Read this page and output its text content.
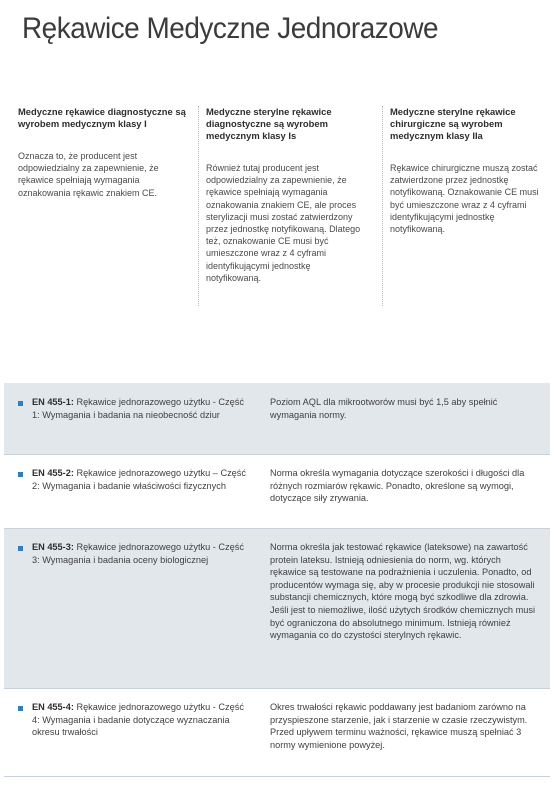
Rękawice Medyczne Jednorazowe
Medyczne rękawice diagnostyczne są wyrobem medycznym klasy I

Oznacza to, że producent jest odpowiedzialny za zapewnienie, że rękawice spełniają wymagania oznakowania rękawic znakiem CE.

Medyczne sterylne rękawice diagnostyczne są wyrobem medycznym klasy Is

Również tutaj producent jest odpowiedzialny za zapewnienie, że rękawice spełniają wymagania oznakowania znakiem CE, ale proces sterylizacji musi zostać zatwierdzony przez jednostkę notyfikowaną. Dlatego też, oznakowanie CE musi być umieszczone wraz z 4 cyframi identyfikującymi jednostkę notyfikowaną.

Medyczne sterylne rękawice chirurgiczne są wyrobem medycznym klasy IIa

Rękawice chirurgiczne muszą zostać zatwierdzone przez jednostkę notyfikowaną. Oznakowanie CE musi być umieszczone wraz z 4 cyframi identyfikującymi jednostkę notyfikowaną.

EN 455-1: Rękawice jednorazowego użytku - Część 1: Wymagania i badania na nieobecność dziur
Poziom AQL dla mikrootworów musi być 1,5 aby spełnić wymagania normy.
EN 455-2: Rękawice jednorazowego użytku – Część 2: Wymagania i badanie właściwości fizycznych
Norma określa wymagania dotyczące szerokości i długości dla różnych rozmiarów rękawic. Ponadto, określone są wymogi, dotyczące siły zrywania.
EN 455-3: Rękawice jednorazowego użytku - Część 3: Wymagania i badania oceny biologicznej
Norma określa jak testować rękawice (lateksowe) na zawartość protein lateksu. Istnieją odniesienia do norm, wg. których rękawice są testowane na podrażnienia i uczulenia. Ponadto, od producentów wymaga się, aby w procesie produkcji nie stosowali substancji chemicznych, które mogą być szkodliwe dla zdrowia. Jeśli jest to niemożliwe, ilość użytych środków chemicznych musi być ograniczona do absolutnego minimum. Istnieją również wymagania co do czystości sterylnych rękawic.
EN 455-4: Rękawice jednorazowego użytku - Część 4: Wymagania i badanie dotyczące wyznaczania okresu trwałości
Okres trwałości rękawic poddawany jest badaniom zarówno na przyspieszone starzenie, jak i starzenie w czasie rzeczywistym. Przed upływem terminu ważności, rękawice muszą spełniać 3 normy wymienione powyżej.
